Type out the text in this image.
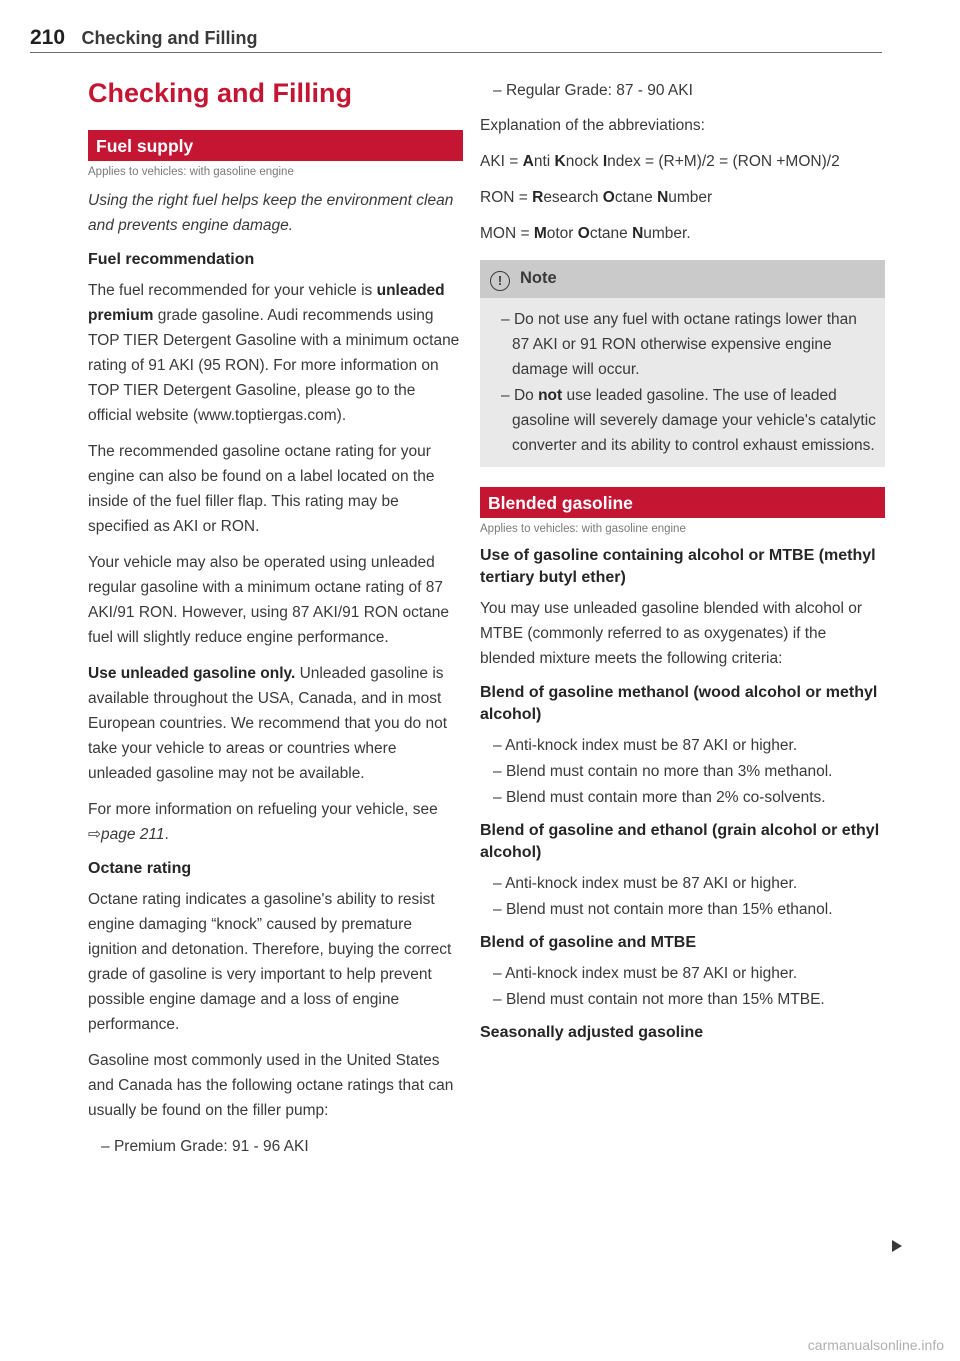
210 Checking and Filling
Checking and Filling
Fuel supply
Applies to vehicles: with gasoline engine

Using the right fuel helps keep the environment clean and prevents engine damage.

Fuel recommendation

The fuel recommended for your vehicle is unleaded premium grade gasoline. Audi recommends using TOP TIER Detergent Gasoline with a minimum octane rating of 91 AKI (95 RON). For more information on TOP TIER Detergent Gasoline, please go to the official website (www.toptiergas.com).

The recommended gasoline octane rating for your engine can also be found on a label located on the inside of the fuel filler flap. This rating may be specified as AKI or RON.

Your vehicle may also be operated using unleaded regular gasoline with a minimum octane rating of 87 AKI/91 RON. However, using 87 AKI/91 RON octane fuel will slightly reduce engine performance.

Use unleaded gasoline only. Unleaded gasoline is available throughout the USA, Canada, and in most European countries. We recommend that you do not take your vehicle to areas or countries where unleaded gasoline may not be available.

For more information on refueling your vehicle, see ⇨page 211.

Octane rating

Octane rating indicates a gasoline's ability to resist engine damaging “knock” caused by premature ignition and detonation. Therefore, buying the correct grade of gasoline is very important to help prevent possible engine damage and a loss of engine performance.

Gasoline most commonly used in the United States and Canada has the following octane ratings that can usually be found on the filler pump:

– Premium Grade: 91 - 96 AKI
– Regular Grade: 87 - 90 AKI

Explanation of the abbreviations:

AKI = Anti Knock Index = (R+M)/2 = (RON +MON)/2

RON = Research Octane Number

MON = Motor Octane Number.

! Note
– Do not use any fuel with octane ratings lower than 87 AKI or 91 RON otherwise expensive engine damage will occur.
– Do not use leaded gasoline. The use of leaded gasoline will severely damage your vehicle's catalytic converter and its ability to control exhaust emissions.
Blended gasoline
Applies to vehicles: with gasoline engine
Use of gasoline containing alcohol or MTBE (methyl tertiary butyl ether)

You may use unleaded gasoline blended with alcohol or MTBE (commonly referred to as oxygenates) if the blended mixture meets the following criteria:

Blend of gasoline methanol (wood alcohol or methyl alcohol)
– Anti-knock index must be 87 AKI or higher.
– Blend must contain no more than 3% methanol.
– Blend must contain more than 2% co-solvents.
Blend of gasoline and ethanol (grain alcohol or ethyl alcohol)
– Anti-knock index must be 87 AKI or higher.
– Blend must not contain more than 15% ethanol.
Blend of gasoline and MTBE
– Anti-knock index must be 87 AKI or higher.
– Blend must contain not more than 15% MTBE.
Seasonally adjusted gasoline
carmanualsonline.info
